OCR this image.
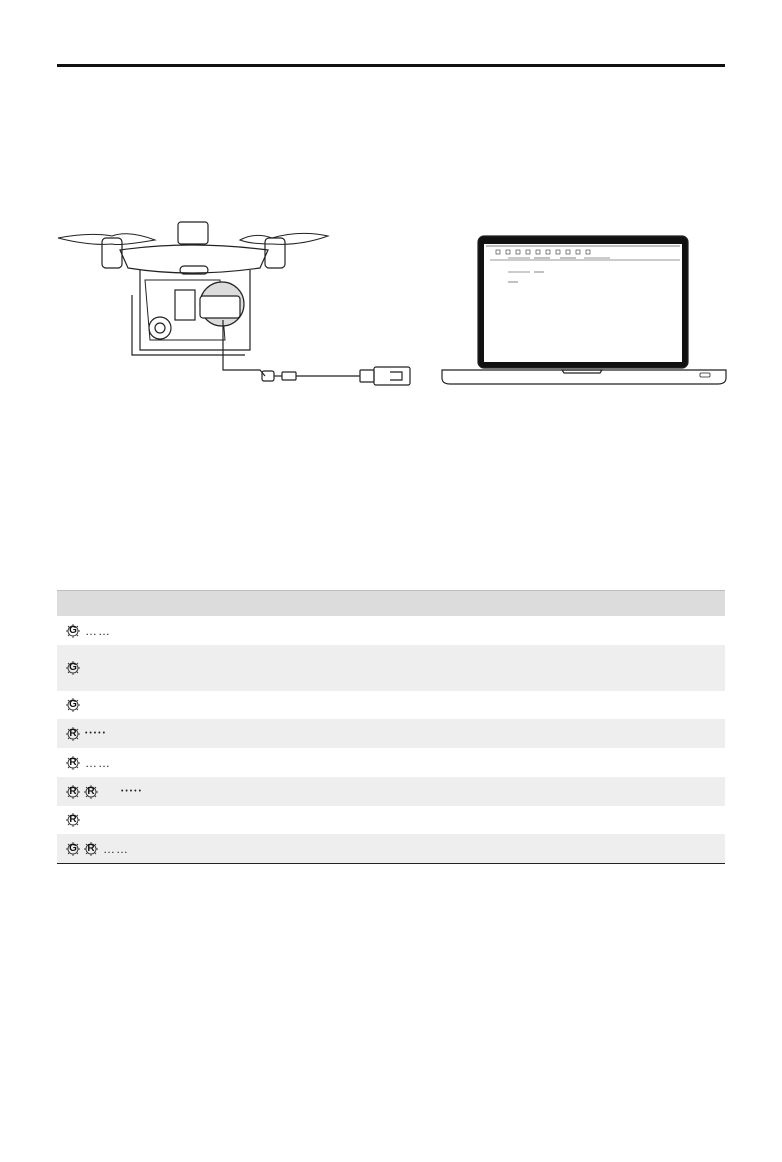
G ……
G
G
R • • • • •
R ……
R R	• • • • •
R
G R ……
